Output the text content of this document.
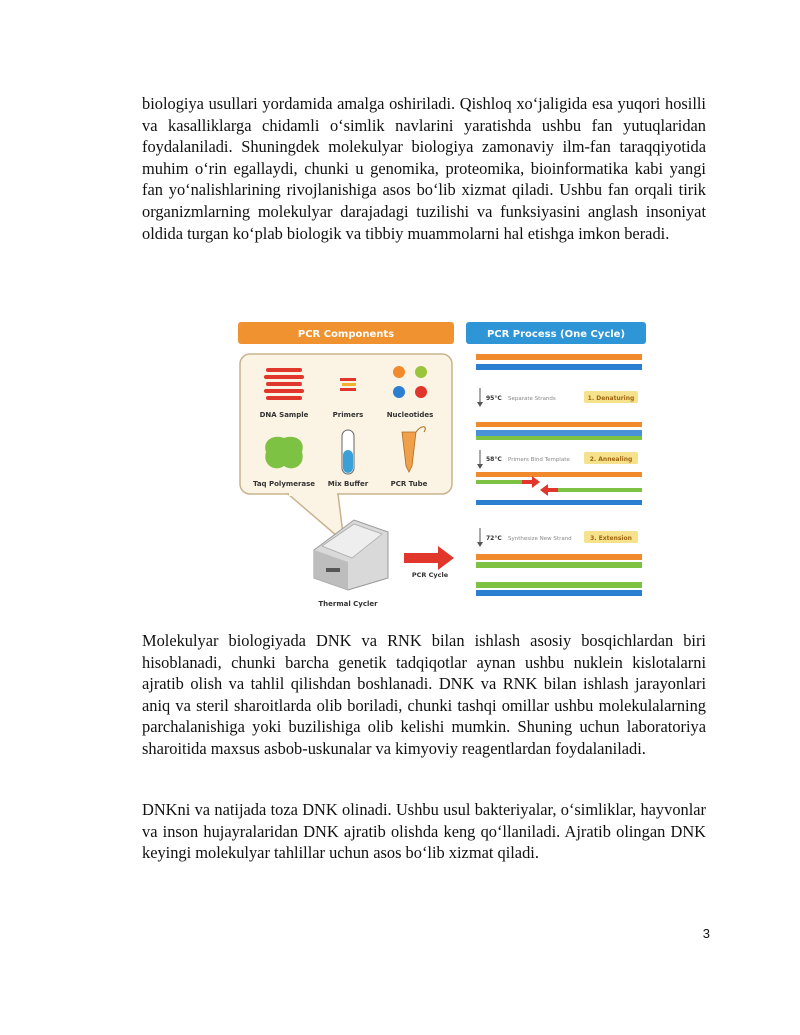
biologiya usullari yordamida amalga oshiriladi. Qishloq xo‘jaligida esa yuqori hosilli va kasalliklarga chidamli o‘simlik navlarini yaratishda ushbu fan yutuqlaridan foydalaniladi. Shuningdek molekulyar biologiya zamonaviy ilm-fan taraqqiyotida muhim o‘rin egallaydi, chunki u genomika, proteomika, bioinformatika kabi yangi fan yo‘nalishlarining rivojlanishiga asos bo‘lib xizmat qiladi. Ushbu fan orqali tirik organizmlarning molekulyar darajadagi tuzilishi va funksiyasini anglash insoniyat oldida turgan ko‘plab biologik va tibbiy muammolarni hal etishga imkon beradi.

PCR Components
DNA Sample	Primers	Nucleotides
Taq Polymerase Mix Buffer	PCR Tube
Thermal Cycler
PCR Cycle
PCR Process (One Cycle)
95°C Separate Strands	1. Denaturing
58°C Primers Bind Template	2. Annealing
72°C Synthesize New Strand	3. Extension

Molekulyar biologiyada DNK va RNK bilan ishlash asosiy bosqichlardan biri hisoblanadi, chunki barcha genetik tadqiqotlar aynan ushbu nuklein kislotalarni ajratib olish va tahlil qilishdan boshlanadi. DNK va RNK bilan ishlash jarayonlari aniq va steril sharoitlarda olib boriladi, chunki tashqi omillar ushbu molekulalarning parchalanishiga yoki buzilishiga olib kelishi mumkin. Shuning uchun laboratoriya sharoitida maxsus asbob-uskunalar va kimyoviy reagentlardan foydalaniladi.

DNKni va natijada toza DNK olinadi. Ushbu usul bakteriyalar, o‘simliklar, hayvonlar va inson hujayralaridan DNK ajratib olishda keng qo‘llaniladi. Ajratib olingan DNK keyingi molekulyar tahlillar uchun asos bo‘lib xizmat qiladi.

3
